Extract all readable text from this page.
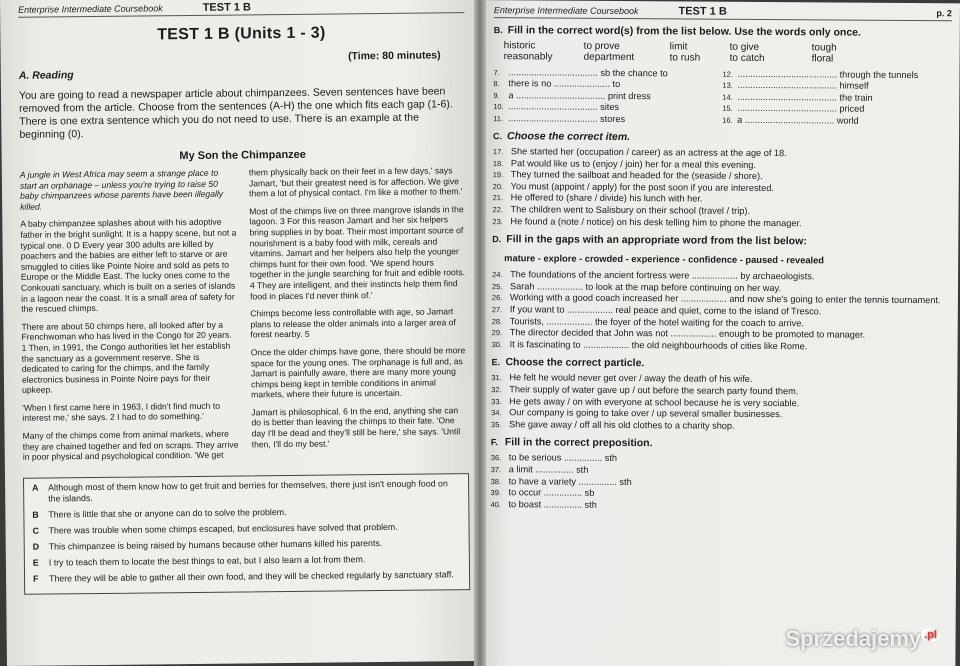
Enterprise Intermediate Coursebook	TEST 1 B
TEST 1 B (Units 1 - 3)
(Time: 80 minutes)
A. Reading
You are going to read a newspaper article about chimpanzees. Seven sentences have been removed from the article. Choose from the sentences (A-H) the one which fits each gap (1-6). There is one extra sentence which you do not need to use. There is an example at the beginning (0).
My Son the Chimpanzee

A jungle in West Africa may seem a strange place to start an orphanage – unless you're trying to raise 50 baby chimpanzees whose parents have been illegally killed.

A baby chimpanzee splashes about with his adoptive father in the bright sunlight. It is a happy scene, but not a typical one. 0 D Every year 300 adults are killed by poachers and the babies are either left to starve or are smuggled to cities like Pointe Noire and sold as pets to Europe or the Middle East. The lucky ones come to the Conkouati sanctuary, which is built on a series of islands in a lagoon near the coast. It is a small area of safety for the rescued chimps.

There are about 50 chimps here, all looked after by a Frenchwoman who has lived in the Congo for 20 years. 1 Then, in 1991, the Congo authorities let her establish the sanctuary as a government reserve. She is dedicated to caring for the chimps, and the family electronics business in Pointe Noire pays for their upkeep.

'When I first came here in 1963, I didn't find much to interest me,' she says. 2 I had to do something.'

Many of the chimps come from animal markets, where they are chained together and fed on scraps. They arrive in poor physical and psychological condition. 'We get

them physically back on their feet in a few days,' says Jamart, 'but their greatest need is for affection. We give them a lot of physical contact. I'm like a mother to them.'

Most of the chimps live on three mangrove islands in the lagoon. 3 For this reason Jamart and her six helpers bring supplies in by boat. Their most important source of nourishment is a baby food with milk, cereals and vitamins. Jamart and her helpers also help the younger chimps hunt for their own food. 'We spend hours together in the jungle searching for fruit and edible roots. 4 They are intelligent, and their instincts help them find food in places I'd never think of.'

Chimps become less controllable with age, so Jamart plans to release the older animals into a larger area of forest nearby. 5

Once the older chimps have gone, there should be more space for the young ones. The orphanage is full and, as Jamart is painfully aware, there are many more young chimps being kept in terrible conditions in animal markets, where their future is uncertain.

Jamart is philosophical. 6 In the end, anything she can do is better than leaving the chimps to their fate. 'One day I'll be dead and they'll still be here,' she says. 'Until then, I'll do my best.'

A Although most of them know how to get fruit and berries for themselves, there just isn't enough food on the islands.
B There is little that she or anyone can do to solve the problem.
C There was trouble when some chimps escaped, but enclosures have solved that problem.
D This chimpanzee is being raised by humans because other humans killed his parents.
E I try to teach them to locate the best things to eat, but I also learn a lot from them.
F There they will be able to gather all their own food, and they will be checked regularly by sanctuary staff.
Enterprise Intermediate Coursebook	TEST 1 B	p. 2
B. Fill in the correct word(s) from the list below. Use the words only once.
historic	to prove	limit	to give	tough
reasonably	department	to rush	to catch	floral
7. ................................... sb the chance to
8. there is no ...................... to
9. a ................................... print dress
10. ................................... sites
11. ................................... stores
12. ....................................... through the tunnels
13. ....................................... himself
14. ....................................... the train
15. ....................................... priced
16. a ................................... world
C. Choose the correct item.
17. She started her (occupation / career) as an actress at the age of 18.
18. Pat would like us to (enjoy / join) her for a meal this evening.
19. They turned the sailboat and headed for the (seaside / shore).
20. You must (appoint / apply) for the post soon if you are interested.
21. He offered to (share / divide) his lunch with her.
22. The children went to Salisbury on their school (travel / trip).
23. He found a (note / notice) on his desk telling him to phone the manager.
D. Fill in the gaps with an appropriate word from the list below:
mature - explore - crowded - experience - confidence - paused - revealed
24. The foundations of the ancient fortress were .................. by archaeologists.
25. Sarah .................. to look at the map before continuing on her way.
26. Working with a good coach increased her .................. and now she's going to enter the tennis tournament.
27. If you want to .................. real peace and quiet, come to the island of Tresco.
28. Tourists, .................. the foyer of the hotel waiting for the coach to arrive.
29. The director decided that John was not .................. enough to be promoted to manager.
30. It is fascinating to .................. the old neighbourhoods of cities like Rome.
E. Choose the correct particle.
31. He felt he would never get over / away the death of his wife.
32. Their supply of water gave up / out before the search party found them.
33. He gets away / on with everyone at school because he is very sociable.
34. Our company is going to take over / up several smaller businesses.
35. She gave away / off all his old clothes to a charity shop.
F. Fill in the correct preposition.
36. to be serious ............... sth
37. a limit ............... sth
38. to have a variety ............... sth
39. to occur ............... sb
40. to boast ............... sth
Sprzedajemy $^{.pl}$
